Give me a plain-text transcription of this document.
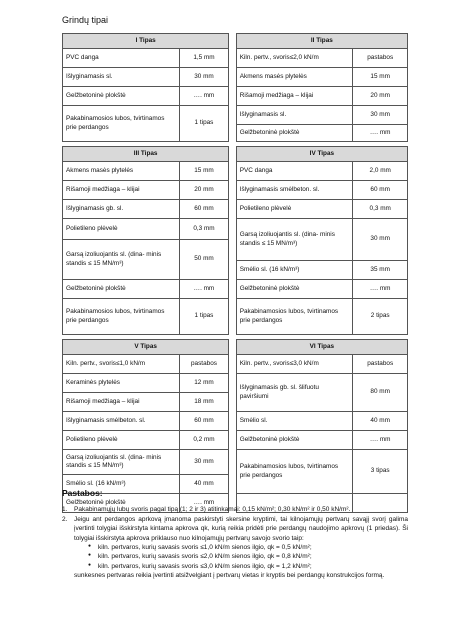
Grindų tipai
I Tipas			II Tipas	
PVC danga	1,5 mm		Kiln. pertv., svoris≤2,0 kN/m	pastabos
Išlyginamasis sl.	30 mm		Akmens masės plytelės	15 mm
Gelžbetoninė plokštė	…. mm		Rišamoji medžiaga – klijai	20 mm
Pakabinamosios lubos, tvirtinamos prie perdangos	1 tipas		Išlyginamasis sl.	30 mm
			Gelžbetoninė plokštė	…. mm

III Tipas			IV Tipas	
Akmens masės plytelės	15 mm		PVC danga	2,0 mm
Rišamoji medžiaga – klijai	20 mm		Išlyginamasis smėlbeton. sl.	60 mm
Išlyginamasis gb. sl.	60 mm		Polietileno plėvelė	0,3 mm
Polietileno plėvelė	0,3 mm		Garsą izoliuojantis sl. (dina- minis standis ≤ 15 MN/m³)	30 mm
Garsą izoliuojantis sl. (dina- minis standis ≤ 15 MN/m³)	50 mm			
			Smėlio sl. (16 kN/m³)	35 mm
Gelžbetoninė plokštė	…. mm		Gelžbetoninė plokštė	…. mm
Pakabinamosios lubos, tvirtinamos prie perdangos	1 tipas		Pakabinamosios lubos, tvirtinamos prie perdangos	2 tipas

V Tipas			VI Tipas	
Kiln. pertv., svoris≤1,0 kN/m	pastabos		Kiln. pertv., svoris≤3,0 kN/m	pastabos
Keraminės plytelės	12 mm		Išlyginamasis gb. sl. šlifuotu paviršiumi	80 mm
Rišamoji medžiaga – klijai	18 mm			
Išlyginamasis smėlbeton. sl.	60 mm		Smėlio sl.	40 mm
Polietileno plėvelė	0,2 mm		Gelžbetoninė plokštė	…. mm
Garsą izoliuojantis sl. (dina- minis standis ≤ 15 MN/m³)	30 mm		Pakabinamosios lubos, tvirtinamos prie perdangos	3 tipas
Smėlio sl. (16 kN/m³)	40 mm			
Gelžbetoninė plokštė	…. mm			
Pastabos:
1. Pakabinamųjų lubų svoris pagal tipą (1; 2 ir 3) atitinkamai: 0,15 kN/m²; 0,30 kN/m² ir 0,50 kN/m².
2. Jeigu ant perdangos aprkovą įmanoma paskirstyti skersine kryptimi, tai kilnojamųjų pertvarų savąjį svorį galima įvertinti tolygiai išskirstyta kintama apkrova qk, kurią reikia pridėti prie perdangų naudojimo apkrovų (1 priedas). Ši tolygiai išskirstyta apkrova priklauso nuo kilnojamųjų pertvarų savojo svorio taip:
● kiln. pertvaros, kurių savasis svoris ≤1,0 kN/m sienos ilgio, qk = 0,5 kN/m²;
● kiln. pertvaros, kurių savasis svoris ≤2,0 kN/m sienos ilgio, qk = 0,8 kN/m²;
● kiln. pertvaros, kurių savasis svoris ≤3,0 kN/m sienos ilgio, qk = 1,2 kN/m²;
sunkesnes pertvaras reikia įvertinti atsižvelgiant į pertvarų vietas ir kryptis bei perdangų konstrukcijos formą.
